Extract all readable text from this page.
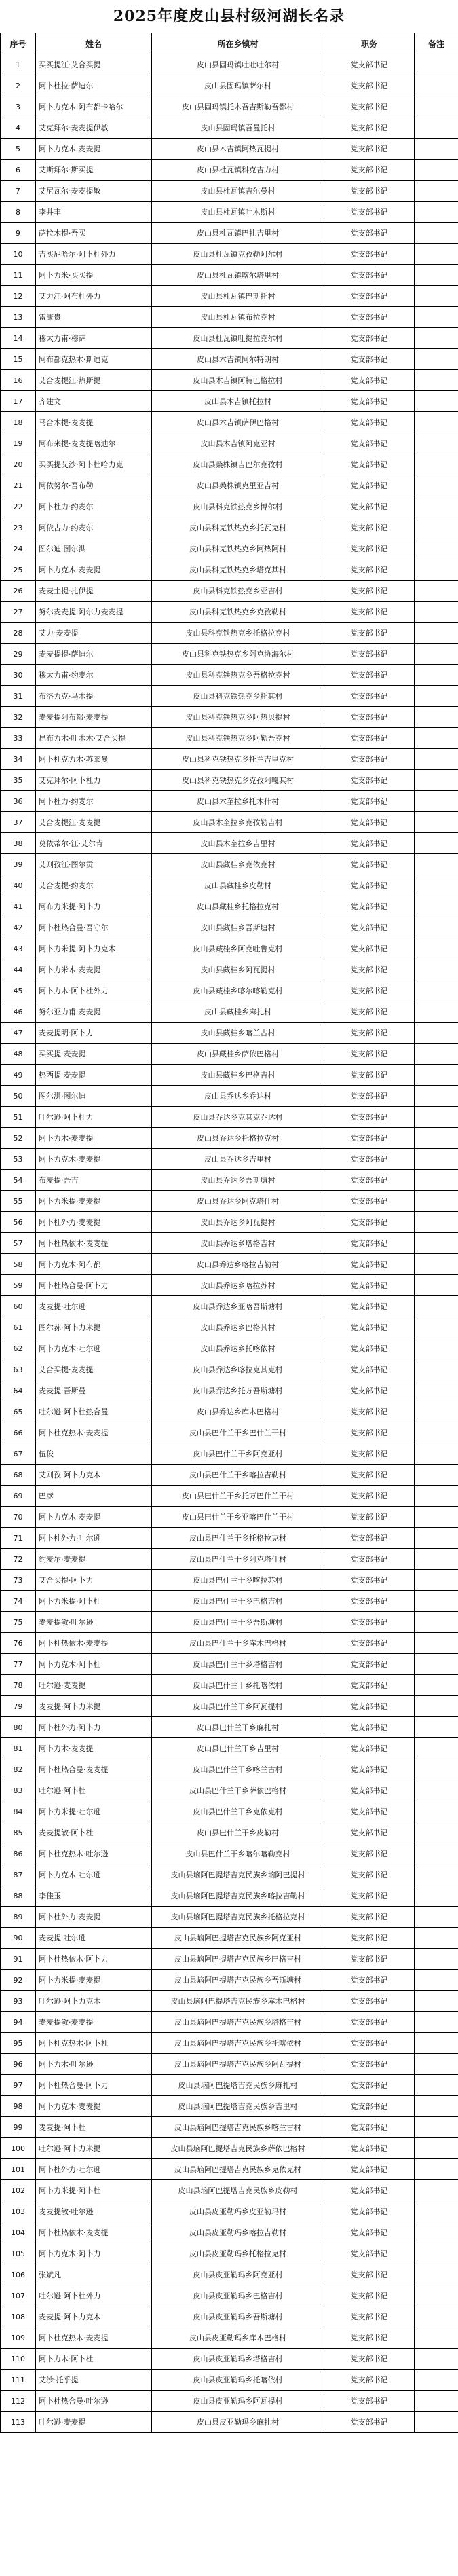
2025年度皮山县村级河湖长名录
序号	姓名	所在乡镇村	职务	备注
1	买买提江·艾合买提	皮山县固玛镇吐吐吐尔村	党支部书记	
2	阿卜杜拉·萨迪尔	皮山县固玛镇萨尔村	党支部书记	
3	阿卜力克木·阿布都卡哈尔	皮山县固玛镇托木吾吉斯勒吾都村	党支部书记	
4	艾克拜尔·麦麦提伊敏	皮山县固玛镇吾曼托村	党支部书记	
5	阿卜力克木·麦麦提	皮山县木吉镇阿热瓦提村	党支部书记	
6	艾斯拜尔·斯买提	皮山县杜瓦镇科克吉力村	党支部书记	
7	艾尼瓦尔·麦麦提敏	皮山县杜瓦镇吉尔曼村	党支部书记	
8	李井丰	皮山县杜瓦镇吐木斯村	党支部书记	
9	萨拉木提·吾买	皮山县杜瓦镇巴扎吉里村	党支部书记	
10	吉买尼哈尔·阿卜杜外力	皮山县杜瓦镇克孜勒阿尔村	党支部书记	
11	阿卜力米·买买提	皮山县杜瓦镇喀尔塔里村	党支部书记	
12	艾力江·阿布杜外力	皮山县杜瓦镇巴斯托村	党支部书记	
13	雷康贵	皮山县杜瓦镇布拉克村	党支部书记	
14	穆太力甫·穆萨	皮山县杜瓦镇吐提拉克尔村	党支部书记	
15	阿布都克热木·斯迪克	皮山县木吉镇阿尔特朗村	党支部书记	
16	艾合麦提江·热斯提	皮山县木吉镇阿特巴格拉村	党支部书记	
17	齐建文	皮山县木吉镇托拉村	党支部书记	
18	马合木提·麦麦提	皮山县木吉镇萨伊巴格村	党支部书记	
19	阿布来提·麦麦提喀迪尔	皮山县木吉镇阿克亚村	党支部书记	
20	买买提艾沙·阿卜杜哈力克	皮山县桑株镇吉巴尔克孜村	党支部书记	
21	阿依努尔·吾布勒	皮山县桑株镇克里亚吉村	党支部书记	
22	阿卜杜力·约麦尔	皮山县科克铁热克乡博尔村	党支部书记	
23	阿依古力·约麦尔	皮山县科克铁热克乡托瓦克村	党支部书记	
24	图尔迪·图尔洪	皮山县科克铁热克乡阿热阿村	党支部书记	
25	阿卜力克木·麦麦提	皮山县科克铁热克乡塔克其村	党支部书记	
26	麦麦土提·扎伊提	皮山县科克铁热克乡亚吉村	党支部书记	
27	努尔麦麦提·阿尔力麦麦提	皮山县科克铁热克乡克孜勒村	党支部书记	
28	艾力·麦麦提	皮山县科克铁热克乡托格拉克村	党支部书记	
29	麦麦提提·萨迪尔	皮山县科克铁热克乡阿克协海尔村	党支部书记	
30	穆太力甫·约麦尔	皮山县科克铁热克乡吾格拉克村	党支部书记	
31	布洛力克·马木提	皮山县科克铁热克乡托其村	党支部书记	
32	麦麦提阿布都·麦麦提	皮山县科克铁热克乡阿热贝提村	党支部书记	
33	昆布力木·吐木木·艾合买提	皮山县科克铁热克乡阿勒吾克村	党支部书记	
34	阿卜杜克力木·苏莱曼	皮山县科克铁热克乡托兰吉里克村	党支部书记	
35	艾克拜尔·阿卜杜力	皮山县科克铁热克乡克孜阿嘎其村	党支部书记	
36	阿卜杜力·约麦尔	皮山县木奎拉乡托木什村	党支部书记	
37	艾合麦提江·麦麦提	皮山县木奎拉乡克孜勒吉村	党支部书记	
38	莫依蒂尔·江·艾尔肯	皮山县木奎拉乡吉里村	党支部书记	
39	艾则孜江·图尔贡	皮山县藏桂乡克依克村	党支部书记	
40	艾合麦提·约麦尔	皮山县藏桂乡皮勒村	党支部书记	
41	阿布力米提·阿卜力	皮山县藏桂乡托格拉克村	党支部书记	
42	阿卜杜热合曼·吾守尔	皮山县藏桂乡吾斯塘村	党支部书记	
43	阿卜力米提·阿卜力克木	皮山县藏桂乡阿克吐鲁克村	党支部书记	
44	阿卜力米木·麦麦提	皮山县藏桂乡阿瓦提村	党支部书记	
45	阿卜力木·阿卜杜外力	皮山县藏桂乡喀尔喀勒克村	党支部书记	
46	努尔亚力甫·麦麦提	皮山县藏桂乡麻扎村	党支部书记	
47	麦麦提明·阿卜力	皮山县藏桂乡喀兰古村	党支部书记	
48	买买提·麦麦提	皮山县藏桂乡萨依巴格村	党支部书记	
49	热西提·麦麦提	皮山县藏桂乡巴格吉村	党支部书记	
50	图尔洪·图尔迪	皮山县乔达乡乔达村	党支部书记	
51	吐尔逊·阿卜杜力	皮山县乔达乡克其克乔达村	党支部书记	
52	阿卜力木·麦麦提	皮山县乔达乡托格拉克村	党支部书记	
53	阿卜力克木·麦麦提	皮山县乔达乡吉里村	党支部书记	
54	布麦提·吾吉	皮山县乔达乡吾斯塘村	党支部书记	
55	阿卜力米提·麦麦提	皮山县乔达乡阿克塔什村	党支部书记	
56	阿卜杜外力·麦麦提	皮山县乔达乡阿瓦提村	党支部书记	
57	阿卜杜热依木·麦麦提	皮山县乔达乡塔格吉村	党支部书记	
58	阿卜力克木·阿布都	皮山县乔达乡喀拉吉勒村	党支部书记	
59	阿卜杜热合曼·阿卜力	皮山县乔达乡喀拉苏村	党支部书记	
60	麦麦提·吐尔逊	皮山县乔达乡亚喀吾斯塘村	党支部书记	
61	图尔荪·阿卜力米提	皮山县乔达乡巴格其村	党支部书记	
62	阿卜力克木·吐尔逊	皮山县乔达乡托喀依村	党支部书记	
63	艾合买提·麦麦提	皮山县乔达乡喀拉克其克村	党支部书记	
64	麦麦提·吾斯曼	皮山县乔达乡托万吾斯塘村	党支部书记	
65	吐尔逊·阿卜杜热合曼	皮山县乔达乡库木巴格村	党支部书记	
66	阿卜杜克热木·麦麦提	皮山县巴什兰干乡巴什兰干村	党支部书记	
67	伍俊	皮山县巴什兰干乡阿克亚村	党支部书记	
68	艾则孜·阿卜力克木	皮山县巴什兰干乡喀拉吉勒村	党支部书记	
69	巴彦	皮山县巴什兰干乡托万巴什兰干村	党支部书记	
70	阿卜力克木·麦麦提	皮山县巴什兰干乡亚喀巴什兰干村	党支部书记	
71	阿卜杜外力·吐尔逊	皮山县巴什兰干乡托格拉克村	党支部书记	
72	约麦尔·麦麦提	皮山县巴什兰干乡阿克塔什村	党支部书记	
73	艾合买提·阿卜力	皮山县巴什兰干乡喀拉苏村	党支部书记	
74	阿卜力米提·阿卜杜	皮山县巴什兰干乡巴格吉村	党支部书记	
75	麦麦提敏·吐尔逊	皮山县巴什兰干乡吾斯塘村	党支部书记	
76	阿卜杜热依木·麦麦提	皮山县巴什兰干乡库木巴格村	党支部书记	
77	阿卜力克木·阿卜杜	皮山县巴什兰干乡塔格吉村	党支部书记	
78	吐尔逊·麦麦提	皮山县巴什兰干乡托喀依村	党支部书记	
79	麦麦提·阿卜力米提	皮山县巴什兰干乡阿瓦提村	党支部书记	
80	阿卜杜外力·阿卜力	皮山县巴什兰干乡麻扎村	党支部书记	
81	阿卜力木·麦麦提	皮山县巴什兰干乡吉里村	党支部书记	
82	阿卜杜热合曼·麦麦提	皮山县巴什兰干乡喀兰古村	党支部书记	
83	吐尔逊·阿卜杜	皮山县巴什兰干乡萨依巴格村	党支部书记	
84	阿卜力米提·吐尔逊	皮山县巴什兰干乡克依克村	党支部书记	
85	麦麦提敏·阿卜杜	皮山县巴什兰干乡皮勒村	党支部书记	
86	阿卜杜克热木·吐尔逊	皮山县巴什兰干乡喀尔喀勒克村	党支部书记	
87	阿卜力克木·吐尔逊	皮山县垴阿巴提塔吉克民族乡垴阿巴提村	党支部书记	
88	李佳玉	皮山县垴阿巴提塔吉克民族乡喀拉吉勒村	党支部书记	
89	阿卜杜外力·麦麦提	皮山县垴阿巴提塔吉克民族乡托格拉克村	党支部书记	
90	麦麦提·吐尔逊	皮山县垴阿巴提塔吉克民族乡阿克亚村	党支部书记	
91	阿卜杜热依木·阿卜力	皮山县垴阿巴提塔吉克民族乡巴格吉村	党支部书记	
92	阿卜力米提·麦麦提	皮山县垴阿巴提塔吉克民族乡吾斯塘村	党支部书记	
93	吐尔逊·阿卜力克木	皮山县垴阿巴提塔吉克民族乡库木巴格村	党支部书记	
94	麦麦提敏·麦麦提	皮山县垴阿巴提塔吉克民族乡塔格吉村	党支部书记	
95	阿卜杜克热木·阿卜杜	皮山县垴阿巴提塔吉克民族乡托喀依村	党支部书记	
96	阿卜力木·吐尔逊	皮山县垴阿巴提塔吉克民族乡阿瓦提村	党支部书记	
97	阿卜杜热合曼·阿卜力	皮山县垴阿巴提塔吉克民族乡麻扎村	党支部书记	
98	阿卜力克木·麦麦提	皮山县垴阿巴提塔吉克民族乡吉里村	党支部书记	
99	麦麦提·阿卜杜	皮山县垴阿巴提塔吉克民族乡喀兰古村	党支部书记	
100	吐尔逊·阿卜力米提	皮山县垴阿巴提塔吉克民族乡萨依巴格村	党支部书记	
101	阿卜杜外力·吐尔逊	皮山县垴阿巴提塔吉克民族乡克依克村	党支部书记	
102	阿卜力米提·阿卜杜	皮山县垴阿巴提塔吉克民族乡皮勒村	党支部书记	
103	麦麦提敏·吐尔逊	皮山县皮亚勒玛乡皮亚勒玛村	党支部书记	
104	阿卜杜热依木·麦麦提	皮山县皮亚勒玛乡喀拉吉勒村	党支部书记	
105	阿卜力克木·阿卜力	皮山县皮亚勒玛乡托格拉克村	党支部书记	
106	张斌凡	皮山县皮亚勒玛乡阿克亚村	党支部书记	
107	吐尔逊·阿卜杜外力	皮山县皮亚勒玛乡巴格吉村	党支部书记	
108	麦麦提·阿卜力克木	皮山县皮亚勒玛乡吾斯塘村	党支部书记	
109	阿卜杜克热木·麦麦提	皮山县皮亚勒玛乡库木巴格村	党支部书记	
110	阿卜力木·阿卜杜	皮山县皮亚勒玛乡塔格吉村	党支部书记	
111	艾沙·托乎提	皮山县皮亚勒玛乡托喀依村	党支部书记	
112	阿卜杜热合曼·吐尔逊	皮山县皮亚勒玛乡阿瓦提村	党支部书记	
113	吐尔逊·麦麦提	皮山县皮亚勒玛乡麻扎村	党支部书记	
